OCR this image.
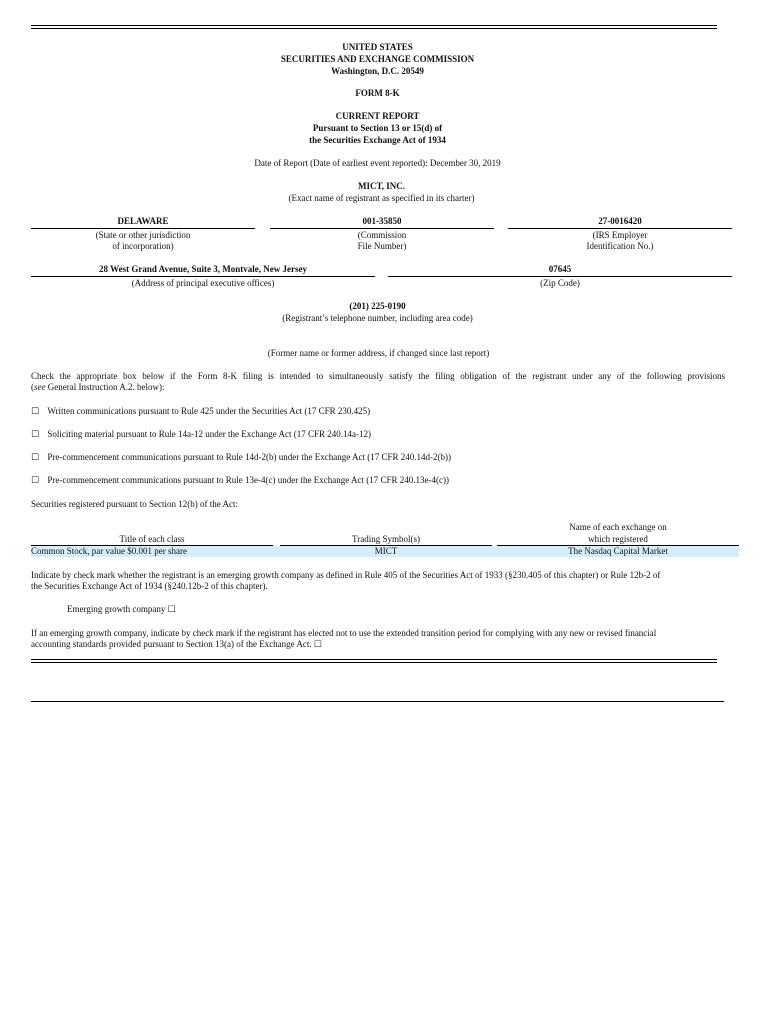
UNITED STATES
SECURITIES AND EXCHANGE COMMISSION
Washington, D.C. 20549
FORM 8-K
CURRENT REPORT
Pursuant to Section 13 or 15(d) of
the Securities Exchange Act of 1934
Date of Report (Date of earliest event reported): December 30, 2019
MICT, INC.
(Exact name of registrant as specified in its charter)
DELAWARE
(State or other jurisdiction
of incorporation)
001-35850
(Commission
File Number)
27-0016420
(IRS Employer
Identification No.)
28 West Grand Avenue, Suite 3, Montvale, New Jersey
(Address of principal executive offices)
07645
(Zip Code)
(201) 225-0190
(Registrant’s telephone number, including area code)
(Former name or former address, if changed since last report)
Check the appropriate box below if the Form 8-K filing is intended to simultaneously satisfy the filing obligation of the registrant under any of the following provisions
(see General Instruction A.2. below):
☐ Written communications pursuant to Rule 425 under the Securities Act (17 CFR 230.425)
☐ Soliciting material pursuant to Rule 14a-12 under the Exchange Act (17 CFR 240.14a-12)
☐ Pre-commencement communications pursuant to Rule 14d-2(b) under the Exchange Act (17 CFR 240.14d-2(b))
☐ Pre-commencement communications pursuant to Rule 13e-4(c) under the Exchange Act (17 CFR 240.13e-4(c))
Securities registered pursuant to Section 12(b) of the Act:
Name of each exchange on
Title of each class	Trading Symbol(s)	which registered
Common Stock, par value $0.001 per share	MICT	The Nasdaq Capital Market
Indicate by check mark whether the registrant is an emerging growth company as defined in Rule 405 of the Securities Act of 1933 (§230.405 of this chapter) or Rule 12b-2 of
the Securities Exchange Act of 1934 (§240.12b-2 of this chapter).
Emerging growth company ☐
If an emerging growth company, indicate by check mark if the registrant has elected not to use the extended transition period for complying with any new or revised financial
accounting standards provided pursuant to Section 13(a) of the Exchange Act. ☐
